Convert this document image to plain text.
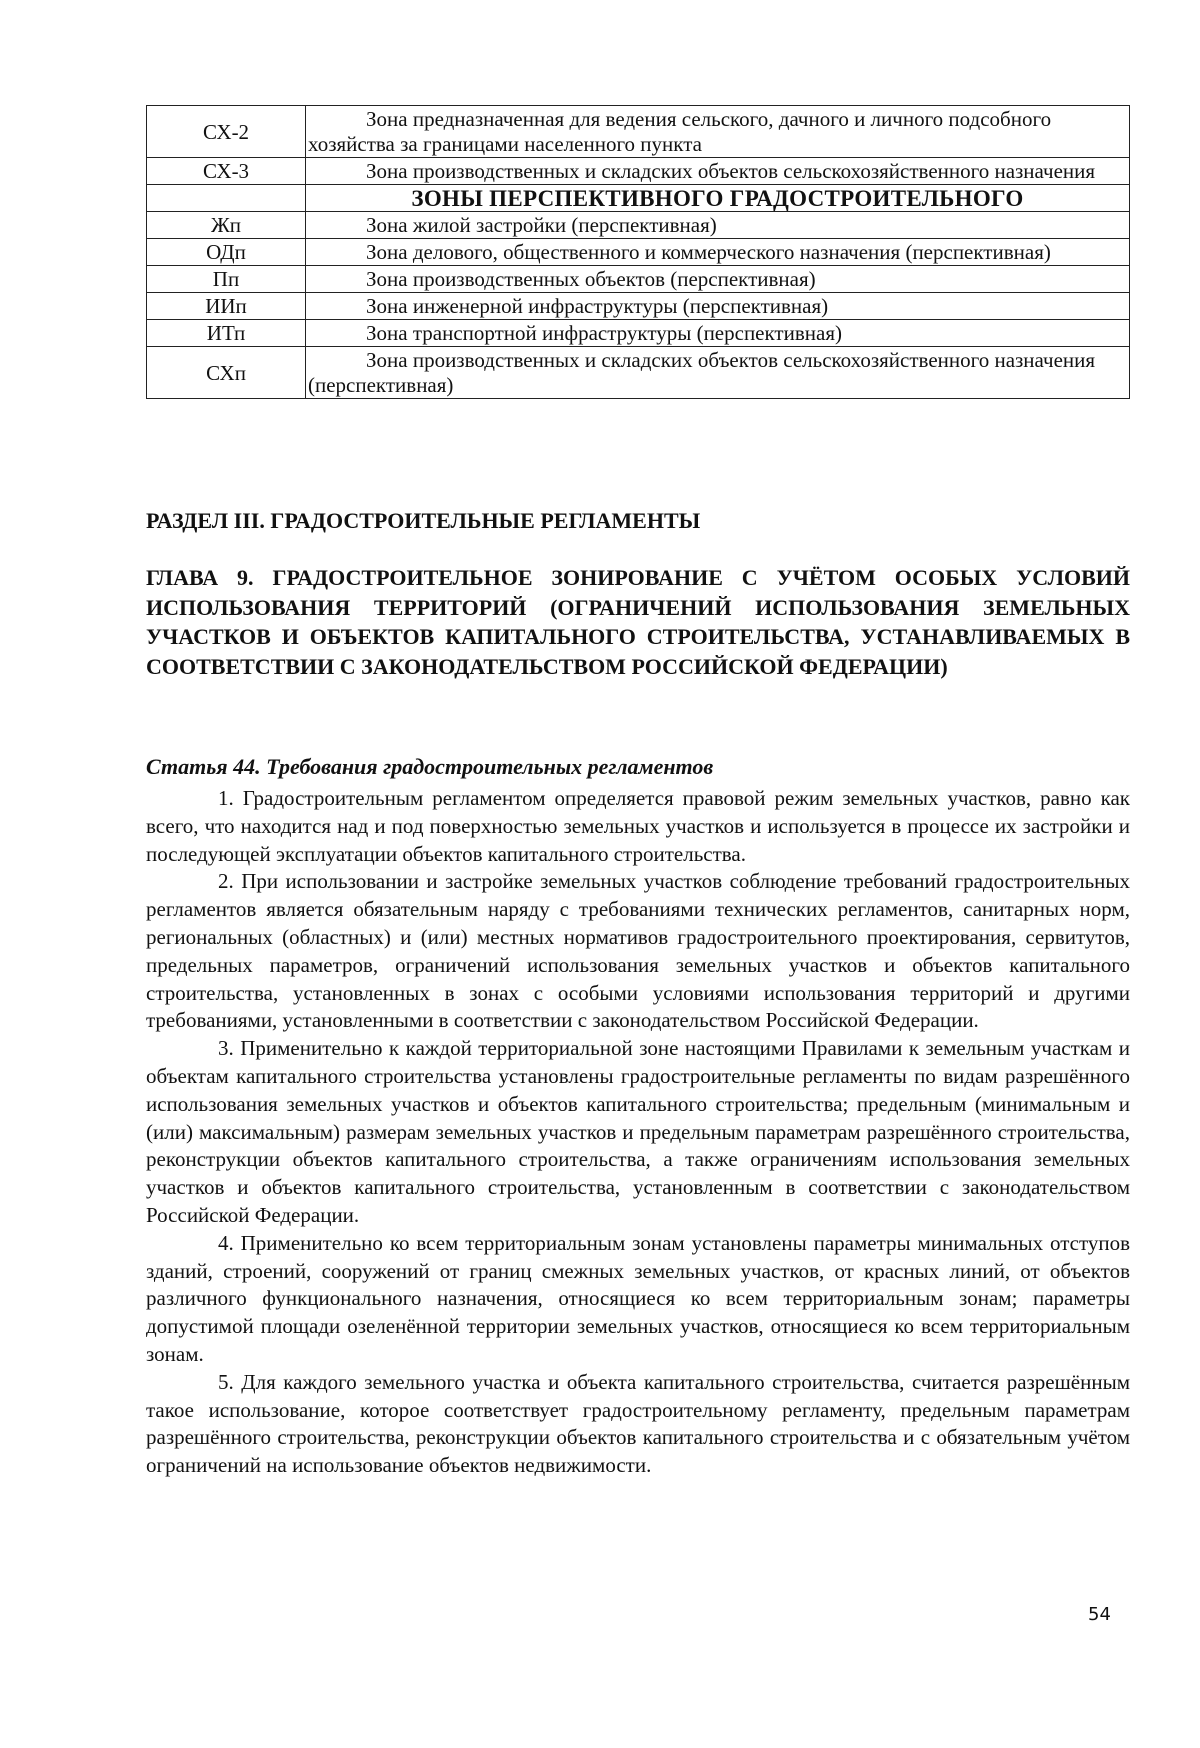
СХ-2	Зона предназначенная для ведения сельского, дачного и личного подсобного хозяйства за границами населенного пункта
СХ-3	Зона производственных и складских объектов сельскохозяйственного назначения
	ЗОНЫ ПЕРСПЕКТИВНОГО ГРАДОСТРОИТЕЛЬНОГО
Жп	Зона жилой застройки (перспективная)
ОДп	Зона делового, общественного и коммерческого назначения (перспективная)
Пп	Зона производственных объектов (перспективная)
ИИп	Зона инженерной инфраструктуры (перспективная)
ИТп	Зона транспортной инфраструктуры (перспективная)
СХп	Зона производственных и складских объектов сельскохозяйственного назначения (перспективная)
РАЗДЕЛ III. ГРАДОСТРОИТЕЛЬНЫЕ РЕГЛАМЕНТЫ
ГЛАВА 9. ГРАДОСТРОИТЕЛЬНОЕ ЗОНИРОВАНИЕ С УЧЁТОМ ОСОБЫХ УСЛОВИЙ ИСПОЛЬЗОВАНИЯ ТЕРРИТОРИЙ (ОГРАНИЧЕНИЙ ИСПОЛЬЗОВАНИЯ ЗЕМЕЛЬНЫХ УЧАСТКОВ И ОБЪЕКТОВ КАПИТАЛЬНОГО СТРОИТЕЛЬСТВА, УСТАНАВЛИВАЕМЫХ В СООТВЕТСТВИИ С ЗАКОНОДАТЕЛЬСТВОМ РОССИЙСКОЙ ФЕДЕРАЦИИ)
Статья 44. Требования градостроительных регламентов

1. Градостроительным регламентом определяется правовой режим земельных участков, равно как всего, что находится над и под поверхностью земельных участков и используется в процессе их застройки и последующей эксплуатации объектов капитального строительства.

2. При использовании и застройке земельных участков соблюдение требований градостроительных регламентов является обязательным наряду с требованиями технических регламентов, санитарных норм, региональных (областных) и (или) местных нормативов градостроительного проектирования, сервитутов, предельных параметров, ограничений использования земельных участков и объектов капитального строительства, установленных в зонах с особыми условиями использования территорий и другими требованиями, установленными в соответствии с законодательством Российской Федерации.

3. Применительно к каждой территориальной зоне настоящими Правилами к земельным участкам и объектам капитального строительства установлены градостроительные регламенты по видам разрешённого использования земельных участков и объектов капитального строительства; предельным (минимальным и (или) максимальным) размерам земельных участков и предельным параметрам разрешённого строительства, реконструкции объектов капитального строительства, а также ограничениям использования земельных участков и объектов капитального строительства, установленным в соответствии с законодательством Российской Федерации.

4. Применительно ко всем территориальным зонам установлены параметры минимальных отступов зданий, строений, сооружений от границ смежных земельных участков, от красных линий, от объектов различного функционального назначения, относящиеся ко всем территориальным зонам; параметры допустимой площади озеленённой территории земельных участков, относящиеся ко всем территориальным зонам.

5. Для каждого земельного участка и объекта капитального строительства, считается разрешённым такое использование, которое соответствует градостроительному регламенту, предельным параметрам разрешённого строительства, реконструкции объектов капитального строительства и с обязательным учётом ограничений на использование объектов недвижимости.

54
